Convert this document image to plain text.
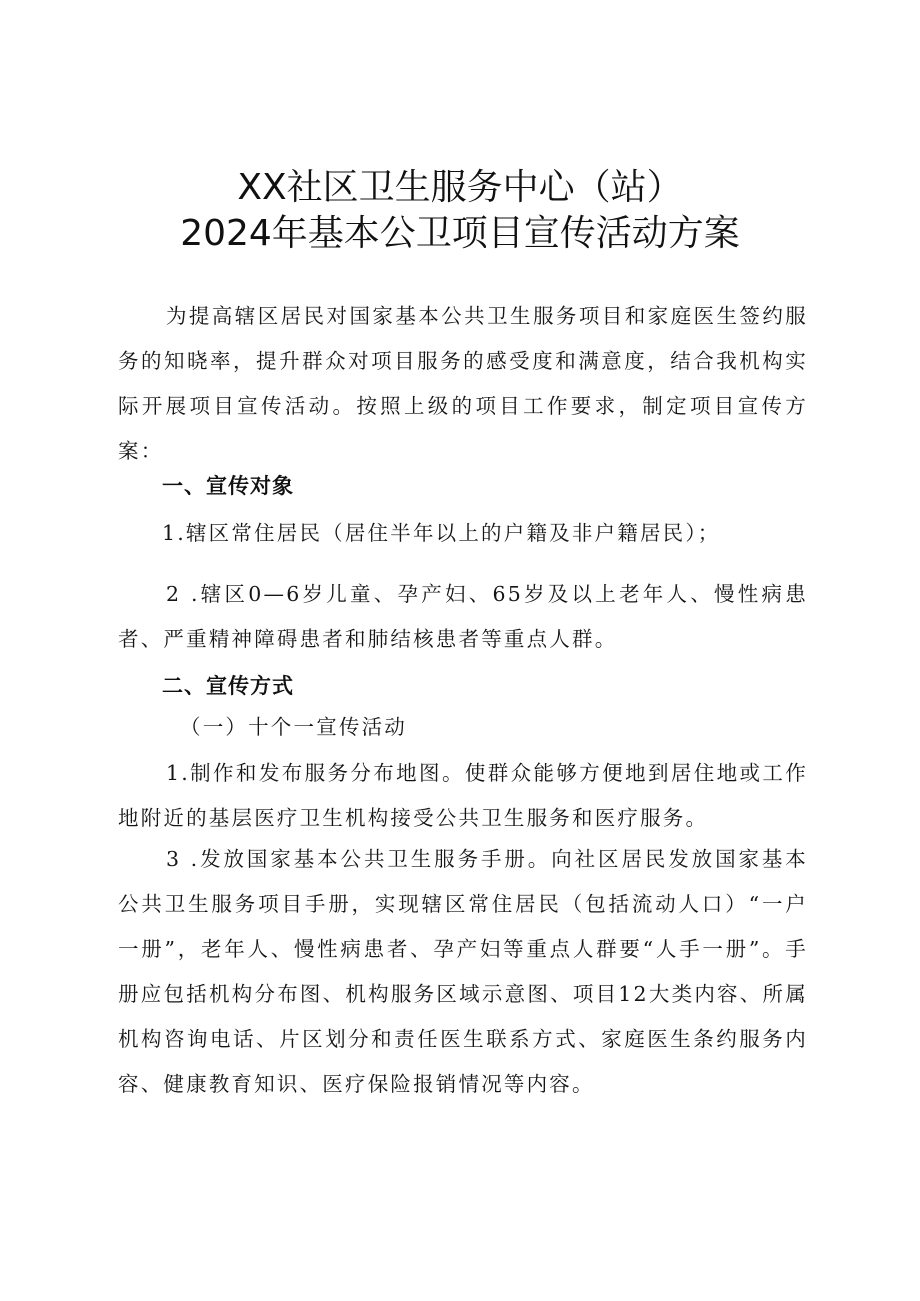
XX社区卫生服务中心（站）
2024年基本公卫项目宣传活动方案

为提高辖区居民对国家基本公共卫生服务项目和家庭医生签约服务的知晓率，提升群众对项目服务的感受度和满意度，结合我机构实际开展项目宣传活动。按照上级的项目工作要求，制定项目宣传方案：

一、宣传对象

1.辖区常住居民（居住半年以上的户籍及非户籍居民）；

2 .辖区0—6岁儿童、孕产妇、65岁及以上老年人、慢性病患者、严重精神障碍患者和肺结核患者等重点人群。

二、宣传方式

（一）十个一宣传活动

1.制作和发布服务分布地图。使群众能够方便地到居住地或工作地附近的基层医疗卫生机构接受公共卫生服务和医疗服务。

3 .发放国家基本公共卫生服务手册。向社区居民发放国家基本公共卫生服务项目手册，实现辖区常住居民（包括流动人口）“一户一册”，老年人、慢性病患者、孕产妇等重点人群要“人手一册”。手册应包括机构分布图、机构服务区域示意图、项目12大类内容、所属机构咨询电话、片区划分和责任医生联系方式、家庭医生条约服务内容、健康教育知识、医疗保险报销情况等内容。
